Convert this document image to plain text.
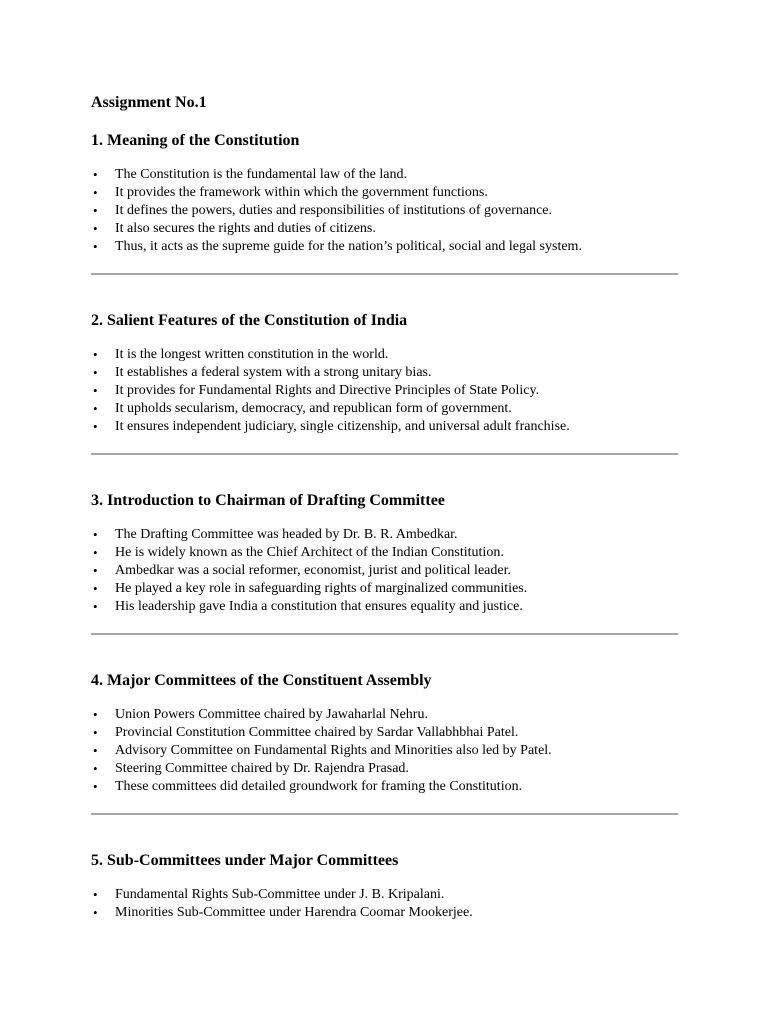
Assignment No.1
1. Meaning of the Constitution
• The Constitution is the fundamental law of the land.
• It provides the framework within which the government functions.
• It defines the powers, duties and responsibilities of institutions of governance.
• It also secures the rights and duties of citizens.
• Thus, it acts as the supreme guide for the nation’s political, social and legal system.
2. Salient Features of the Constitution of India
• It is the longest written constitution in the world.
• It establishes a federal system with a strong unitary bias.
• It provides for Fundamental Rights and Directive Principles of State Policy.
• It upholds secularism, democracy, and republican form of government.
• It ensures independent judiciary, single citizenship, and universal adult franchise.
3. Introduction to Chairman of Drafting Committee
• The Drafting Committee was headed by Dr. B. R. Ambedkar.
• He is widely known as the Chief Architect of the Indian Constitution.
• Ambedkar was a social reformer, economist, jurist and political leader.
• He played a key role in safeguarding rights of marginalized communities.
• His leadership gave India a constitution that ensures equality and justice.
4. Major Committees of the Constituent Assembly
• Union Powers Committee chaired by Jawaharlal Nehru.
• Provincial Constitution Committee chaired by Sardar Vallabhbhai Patel.
• Advisory Committee on Fundamental Rights and Minorities also led by Patel.
• Steering Committee chaired by Dr. Rajendra Prasad.
• These committees did detailed groundwork for framing the Constitution.
5. Sub-Committees under Major Committees
• Fundamental Rights Sub-Committee under J. B. Kripalani.
• Minorities Sub-Committee under Harendra Coomar Mookerjee.
